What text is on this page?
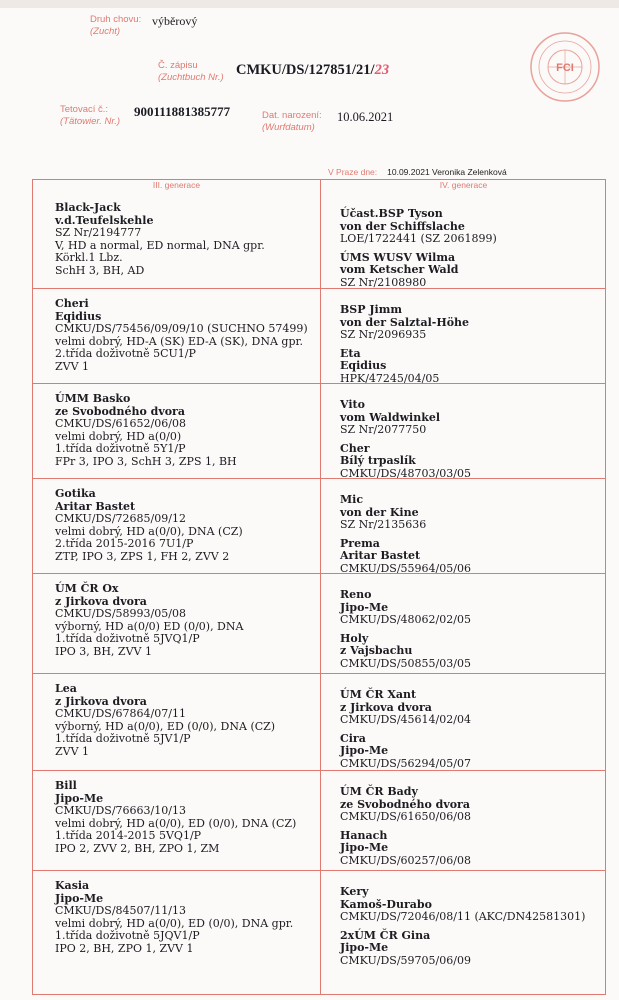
Druh chovu:
(Zucht)
výběrový
Č. zápisu
(Zuchtbuch Nr.) CMKU/DS/127851/21/23
Tetovací č.:
(Tätowier. Nr.)
900111881385777	Dat. narození:
(Wurfdatum)
10.06.2021
FCI
V Praze dne: 10.09.2021 Veronika Zelenková
III. generace	IV. generace
Black-Jack
v.d.Teufelskehle
SZ Nr/2194777
V, HD a normal, ED normal, DNA gpr.
Körkl.1 Lbz.
SchH 3, BH, AD
Účast.BSP Tyson
von der Schiffslache
LOE/1722441 (SZ 2061899)
ÚMS WUSV Wilma
vom Ketscher Wald
SZ Nr/2108980
Cheri
Eqidius
CMKU/DS/75456/09/09/10 (SUCHNO 57499)
velmi dobrý, HD-A (SK) ED-A (SK), DNA gpr.
2.třída doživotně 5CU1/P
ZVV 1
BSP Jimm
von der Salztal-Höhe
SZ Nr/2096935
Eta
Eqidius
HPK/47245/04/05
ÚMM Basko
ze Svobodného dvora
CMKU/DS/61652/06/08
velmi dobrý, HD a(0/0)
1.třída doživotně 5Y1/P
FPr 3, IPO 3, SchH 3, ZPS 1, BH
Vito
vom Waldwinkel
SZ Nr/2077750
Cher
Bílý trpaslík
CMKU/DS/48703/03/05
Gotika
Aritar Bastet
CMKU/DS/72685/09/12
velmi dobrý, HD a(0/0), DNA (CZ)
2.třída 2015-2016 7U1/P
ZTP, IPO 3, ZPS 1, FH 2, ZVV 2
Mic
von der Kine
SZ Nr/2135636
Prema
Aritar Bastet
CMKU/DS/55964/05/06
ÚM ČR Ox
z Jirkova dvora
CMKU/DS/58993/05/08
výborný, HD a(0/0) ED (0/0), DNA
1.třída doživotně 5JVQ1/P
IPO 3, BH, ZVV 1
Reno
Jipo-Me
CMKU/DS/48062/02/05
Holy
z Vajsbachu
CMKU/DS/50855/03/05
Lea
z Jirkova dvora
CMKU/DS/67864/07/11
výborný, HD a(0/0), ED (0/0), DNA (CZ)
1.třída doživotně 5JV1/P
ZVV 1
ÚM ČR Xant
z Jirkova dvora
CMKU/DS/45614/02/04
Cira
Jipo-Me
CMKU/DS/56294/05/07
Bill
Jipo-Me
CMKU/DS/76663/10/13
velmi dobrý, HD a(0/0), ED (0/0), DNA (CZ)
1.třída 2014-2015 5VQ1/P
IPO 2, ZVV 2, BH, ZPO 1, ZM
ÚM ČR Bady
ze Svobodného dvora
CMKU/DS/61650/06/08
Hanach
Jipo-Me
CMKU/DS/60257/06/08
Kasia
Jipo-Me
CMKU/DS/84507/11/13
velmi dobrý, HD a(0/0), ED (0/0), DNA gpr.
1.třída doživotně 5JQV1/P
IPO 2, BH, ZPO 1, ZVV 1
Kery
Kamoš-Durabo
CMKU/DS/72046/08/11 (AKC/DN42581301)
2xÚM ČR Gina
Jipo-Me
CMKU/DS/59705/06/09
